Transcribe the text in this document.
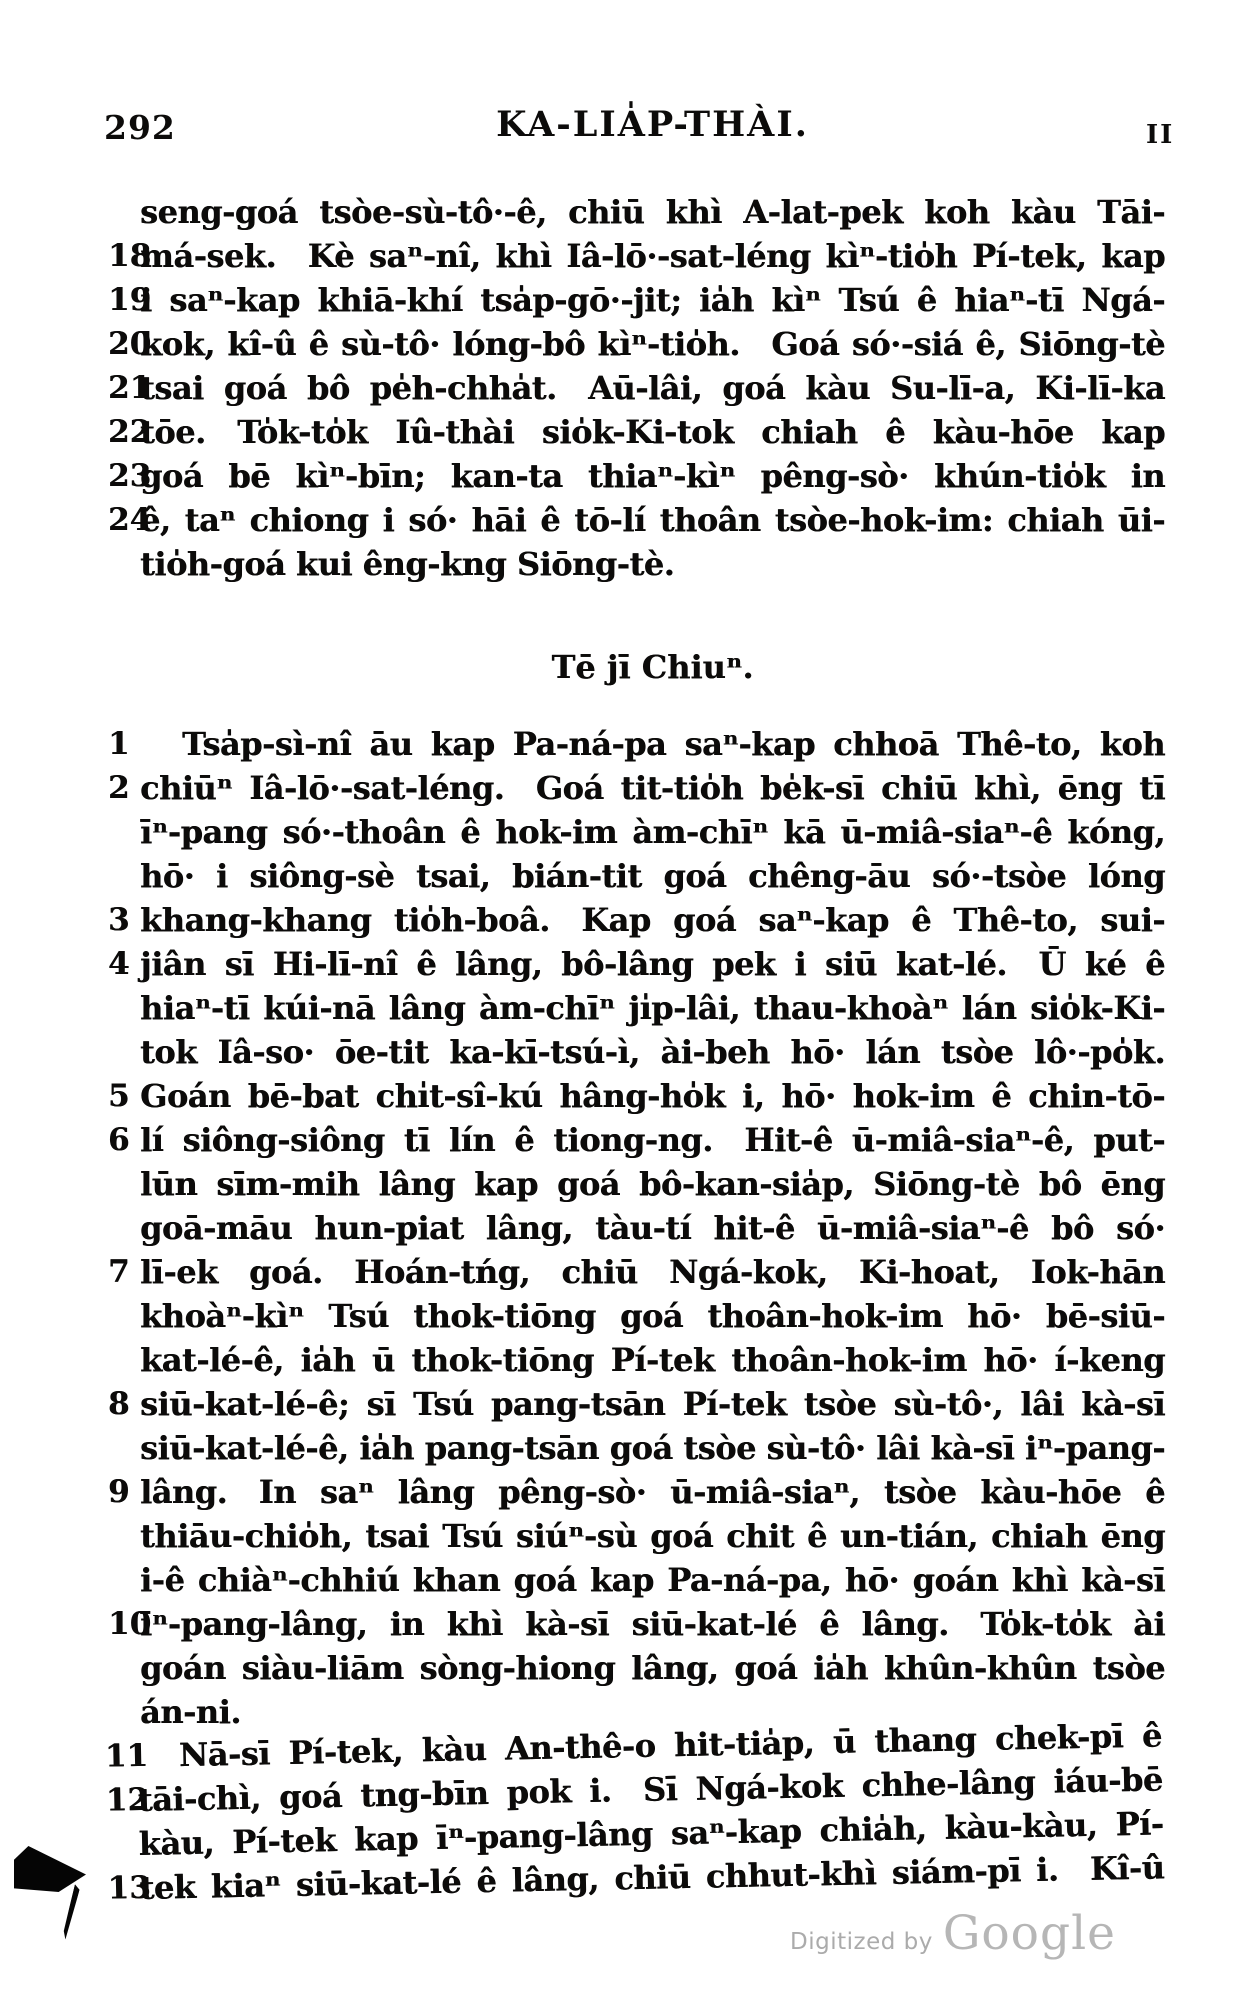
292	KA-LIA̍P-THÀI.	II
seng-goá tsòe-sù-tô·-ê, chiū khì A-lat-pek koh kàu Tāi-
18
má-sek. Kè saⁿ-nî, khì Iâ-lō·-sat-léng kìⁿ-tio̍h Pí-tek, kap
19
i saⁿ-kap khiā-khí tsa̍p-gō·-jit; ia̍h kìⁿ Tsú ê hiaⁿ-tī Ngá-
20
kok, kî-û ê sù-tô· lóng-bô kìⁿ-tio̍h. Goá só·-siá ê, Siōng-tè
21
tsai goá bô pe̍h-chha̍t. Aū-lâi, goá kàu Su-lī-a, Ki-lī-ka
22
tōe. To̍k-to̍k Iû-thài sio̍k-Ki-tok chiah ê kàu-hōe kap
23
goá bē kìⁿ-bīn; kan-ta thiaⁿ-kìⁿ pêng-sò· khún-tio̍k in
24
ê, taⁿ chiong i só· hāi ê tō-lí thoân tsòe-hok-im: chiah ūi-
tio̍h-goá kui êng-kng Siōng-tè.
Tē jī Chiuⁿ.
1	Tsa̍p-sì-nî āu kap Pa-ná-pa saⁿ-kap chhoā Thê-to, koh
2 chiūⁿ Iâ-lō·-sat-léng. Goá tit-tio̍h be̍k-sī chiū khì, ēng tī
īⁿ-pang só·-thoân ê hok-im àm-chīⁿ kā ū-miâ-siaⁿ-ê kóng,
hō· i siông-sè tsai, bián-tit goá chêng-āu só·-tsòe lóng
3 khang-khang tio̍h-boâ. Kap goá saⁿ-kap ê Thê-to, sui-
4 jiân sī Hi-lī-nî ê lâng, bô-lâng pek i siū kat-lé. Ū ké ê
hiaⁿ-tī kúi-nā lâng àm-chīⁿ ji̍p-lâi, thau-khoàⁿ lán sio̍k-Ki-
tok Iâ-so· ōe-tit ka-kī-tsú-ì, ài-beh hō· lán tsòe lô·-po̍k.
5 Goán bē-bat chi̍t-sî-kú hâng-ho̍k i, hō· hok-im ê chin-tō-
6 lí siông-siông tī lín ê tiong-ng. Hit-ê ū-miâ-siaⁿ-ê, put-
lūn sīm-mih lâng kap goá bô-kan-sia̍p, Siōng-tè bô ēng
goā-māu hun-piat lâng, tàu-tí hit-ê ū-miâ-siaⁿ-ê bô só·
7 lī-ek goá. Hoán-tńg, chiū Ngá-kok, Ki-hoat, Iok-hān
khoàⁿ-kìⁿ Tsú thok-tiōng goá thoân-hok-im hō· bē-siū-
kat-lé-ê, ia̍h ū thok-tiōng Pí-tek thoân-hok-im hō· í-keng
8 siū-kat-lé-ê; sī Tsú pang-tsān Pí-tek tsòe sù-tô·, lâi kà-sī
siū-kat-lé-ê, ia̍h pang-tsān goá tsòe sù-tô· lâi kà-sī iⁿ-pang-
9 lâng. In saⁿ lâng pêng-sò· ū-miâ-siaⁿ, tsòe kàu-hōe ê
thiāu-chio̍h, tsai Tsú siúⁿ-sù goá chit ê un-tián, chiah ēng
i-ê chiàⁿ-chhiú khan goá kap Pa-ná-pa, hō· goán khì kà-sī
10
īⁿ-pang-lâng, in khì kà-sī siū-kat-lé ê lâng. To̍k-to̍k ài
goán siàu-liām sòng-hiong lâng, goá ia̍h khûn-khûn tsòe
án-ni.
11 Nā-sī Pí-tek, kàu An-thê-o hit-tia̍p, ū thang chek-pī ê
12
tāi-chì, goá tng-bīn pok i. Sī Ngá-kok chhe-lâng iáu-bē
kàu, Pí-tek kap īⁿ-pang-lâng saⁿ-kap chia̍h, kàu-kàu, Pí-
13
tek kiaⁿ siū-kat-lé ê lâng, chiū chhut-khì siám-pī i. Kî-û
Digitized by Google
